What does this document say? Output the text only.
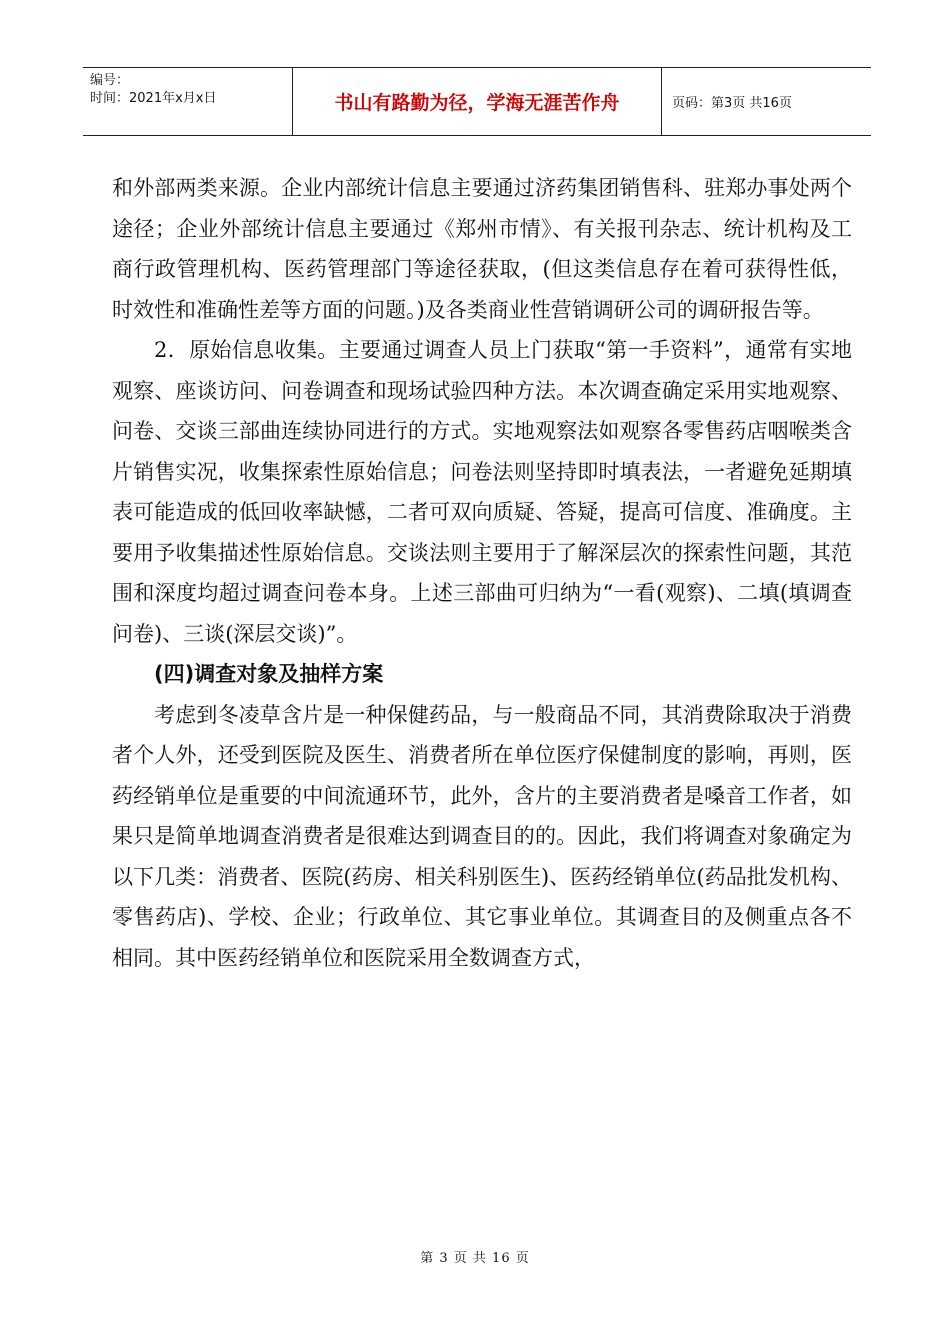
编号：
时间：2021年x月x日	书山有路勤为径，学海无涯苦作舟	页码：第3页 共16页

和外部两类来源。企业内部统计信息主要通过济药集团销售科、驻郑办事处两个途径；企业外部统计信息主要通过《郑州市情》、有关报刊杂志、统计机构及工商行政管理机构、医药管理部门等途径获取，(但这类信息存在着可获得性低，时效性和准确性差等方面的问题。)及各类商业性营销调研公司的调研报告等。

2．原始信息收集。主要通过调查人员上门获取“第一手资料”，通常有实地观察、座谈访问、问卷调查和现场试验四种方法。本次调查确定采用实地观察、问卷、交谈三部曲连续协同进行的方式。实地观察法如观察各零售药店咽喉类含片销售实况，收集探索性原始信息；问卷法则坚持即时填表法，一者避免延期填表可能造成的低回收率缺憾，二者可双向质疑、答疑，提高可信度、准确度。主要用予收集描述性原始信息。交谈法则主要用于了解深层次的探索性问题，其范围和深度均超过调查问卷本身。上述三部曲可归纳为“一看(观察)、二填(填调查问卷)、三谈(深层交谈)”。

(四)调查对象及抽样方案

考虑到冬凌草含片是一种保健药品，与一般商品不同，其消费除取决于消费者个人外，还受到医院及医生、消费者所在单位医疗保健制度的影响，再则，医药经销单位是重要的中间流通环节，此外，含片的主要消费者是嗓音工作者，如果只是简单地调查消费者是很难达到调查目的的。因此，我们将调查对象确定为以下几类：消费者、医院(药房、相关科别医生)、医药经销单位(药品批发机构、零售药店)、学校、企业；行政单位、其它事业单位。其调查目的及侧重点各不相同。其中医药经销单位和医院采用全数调查方式，

第 3 页 共 16 页
